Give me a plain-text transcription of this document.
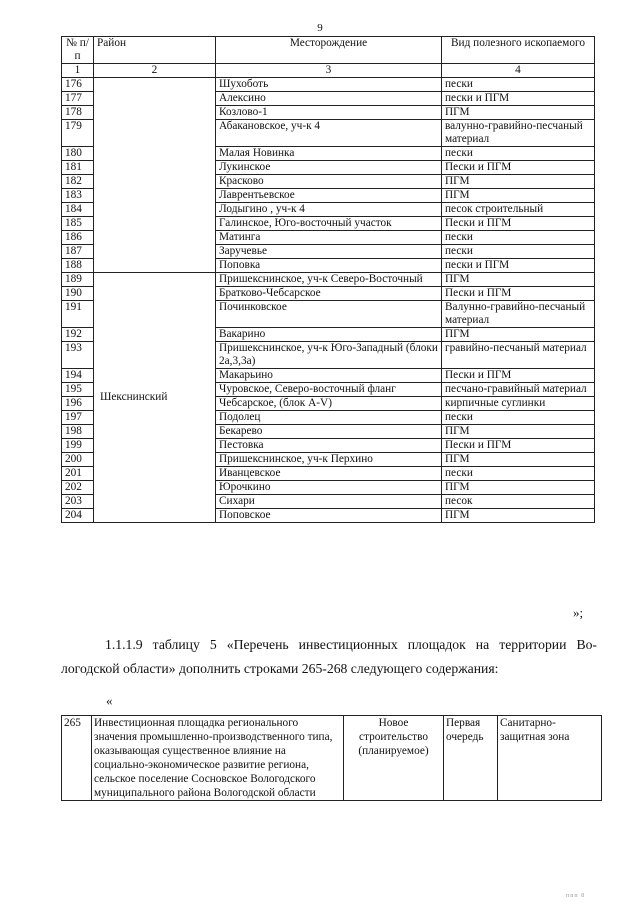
9
№ п/п	Район	Месторождение	Вид полезного ископаемого
1	2	3	4
176		Шухоботь	пески
177		Алексино	пески и ПГМ
178		Козлово-1	ПГМ
179		Абакановское, уч-к 4	валунно-гравийно-песчаный материал
180		Малая Новинка	пески
181		Лукинское	Пески и ПГМ
182		Красково	ПГМ
183		Лаврентьевское	ПГМ
184		Лодыгино , уч-к 4	песок строительный
185		Галинское, Юго-восточный участок	Пески и ПГМ
186		Матинга	пески
187		Заручевье	пески
188		Поповка	пески и ПГМ
189	Шекснинский	Пришекснинское, уч-к Северо-Восточный	ПГМ
190		Братково-Чебсарское	Пески и ПГМ
191		Починковское	Валунно-гравийно-песчаный материал
192		Вакарино	ПГМ
193		Пришекснинское, уч-к Юго-Западный (блоки 2а,3,3а)	гравийно-песчаный материал
194		Макарьино	Пески и ПГМ
195		Чуровское, Северо-восточный фланг	песчано-гравийный материал
196		Чебсарское, (блок А-V)	кирпичные суглинки
197		Подолец	пески
198		Бекарево	ПГМ
199		Пестовка	Пески и ПГМ
200		Пришекснинское, уч-к Перхино	ПГМ
201		Иванцевское	пески
202		Юрочкино	ПГМ
203		Сихари	песок
204		Поповское	ПГМ
»;
1.1.1.9 таблицу 5 «Перечень инвестиционных площадок на территории Во-
логодской области» дополнить строками 265-268 следующего содержания:
«
265	Инвестиционная площадка регионального значения промышленно-производственного типа, оказывающая существенное влияние на социально-экономическое развитие региона, сельское поселение Сосновское Вологодского муниципального района Вологодской области	Новое строительство (планируемое)	Первая очередь	Санитарно-защитная зона
ппп 8
